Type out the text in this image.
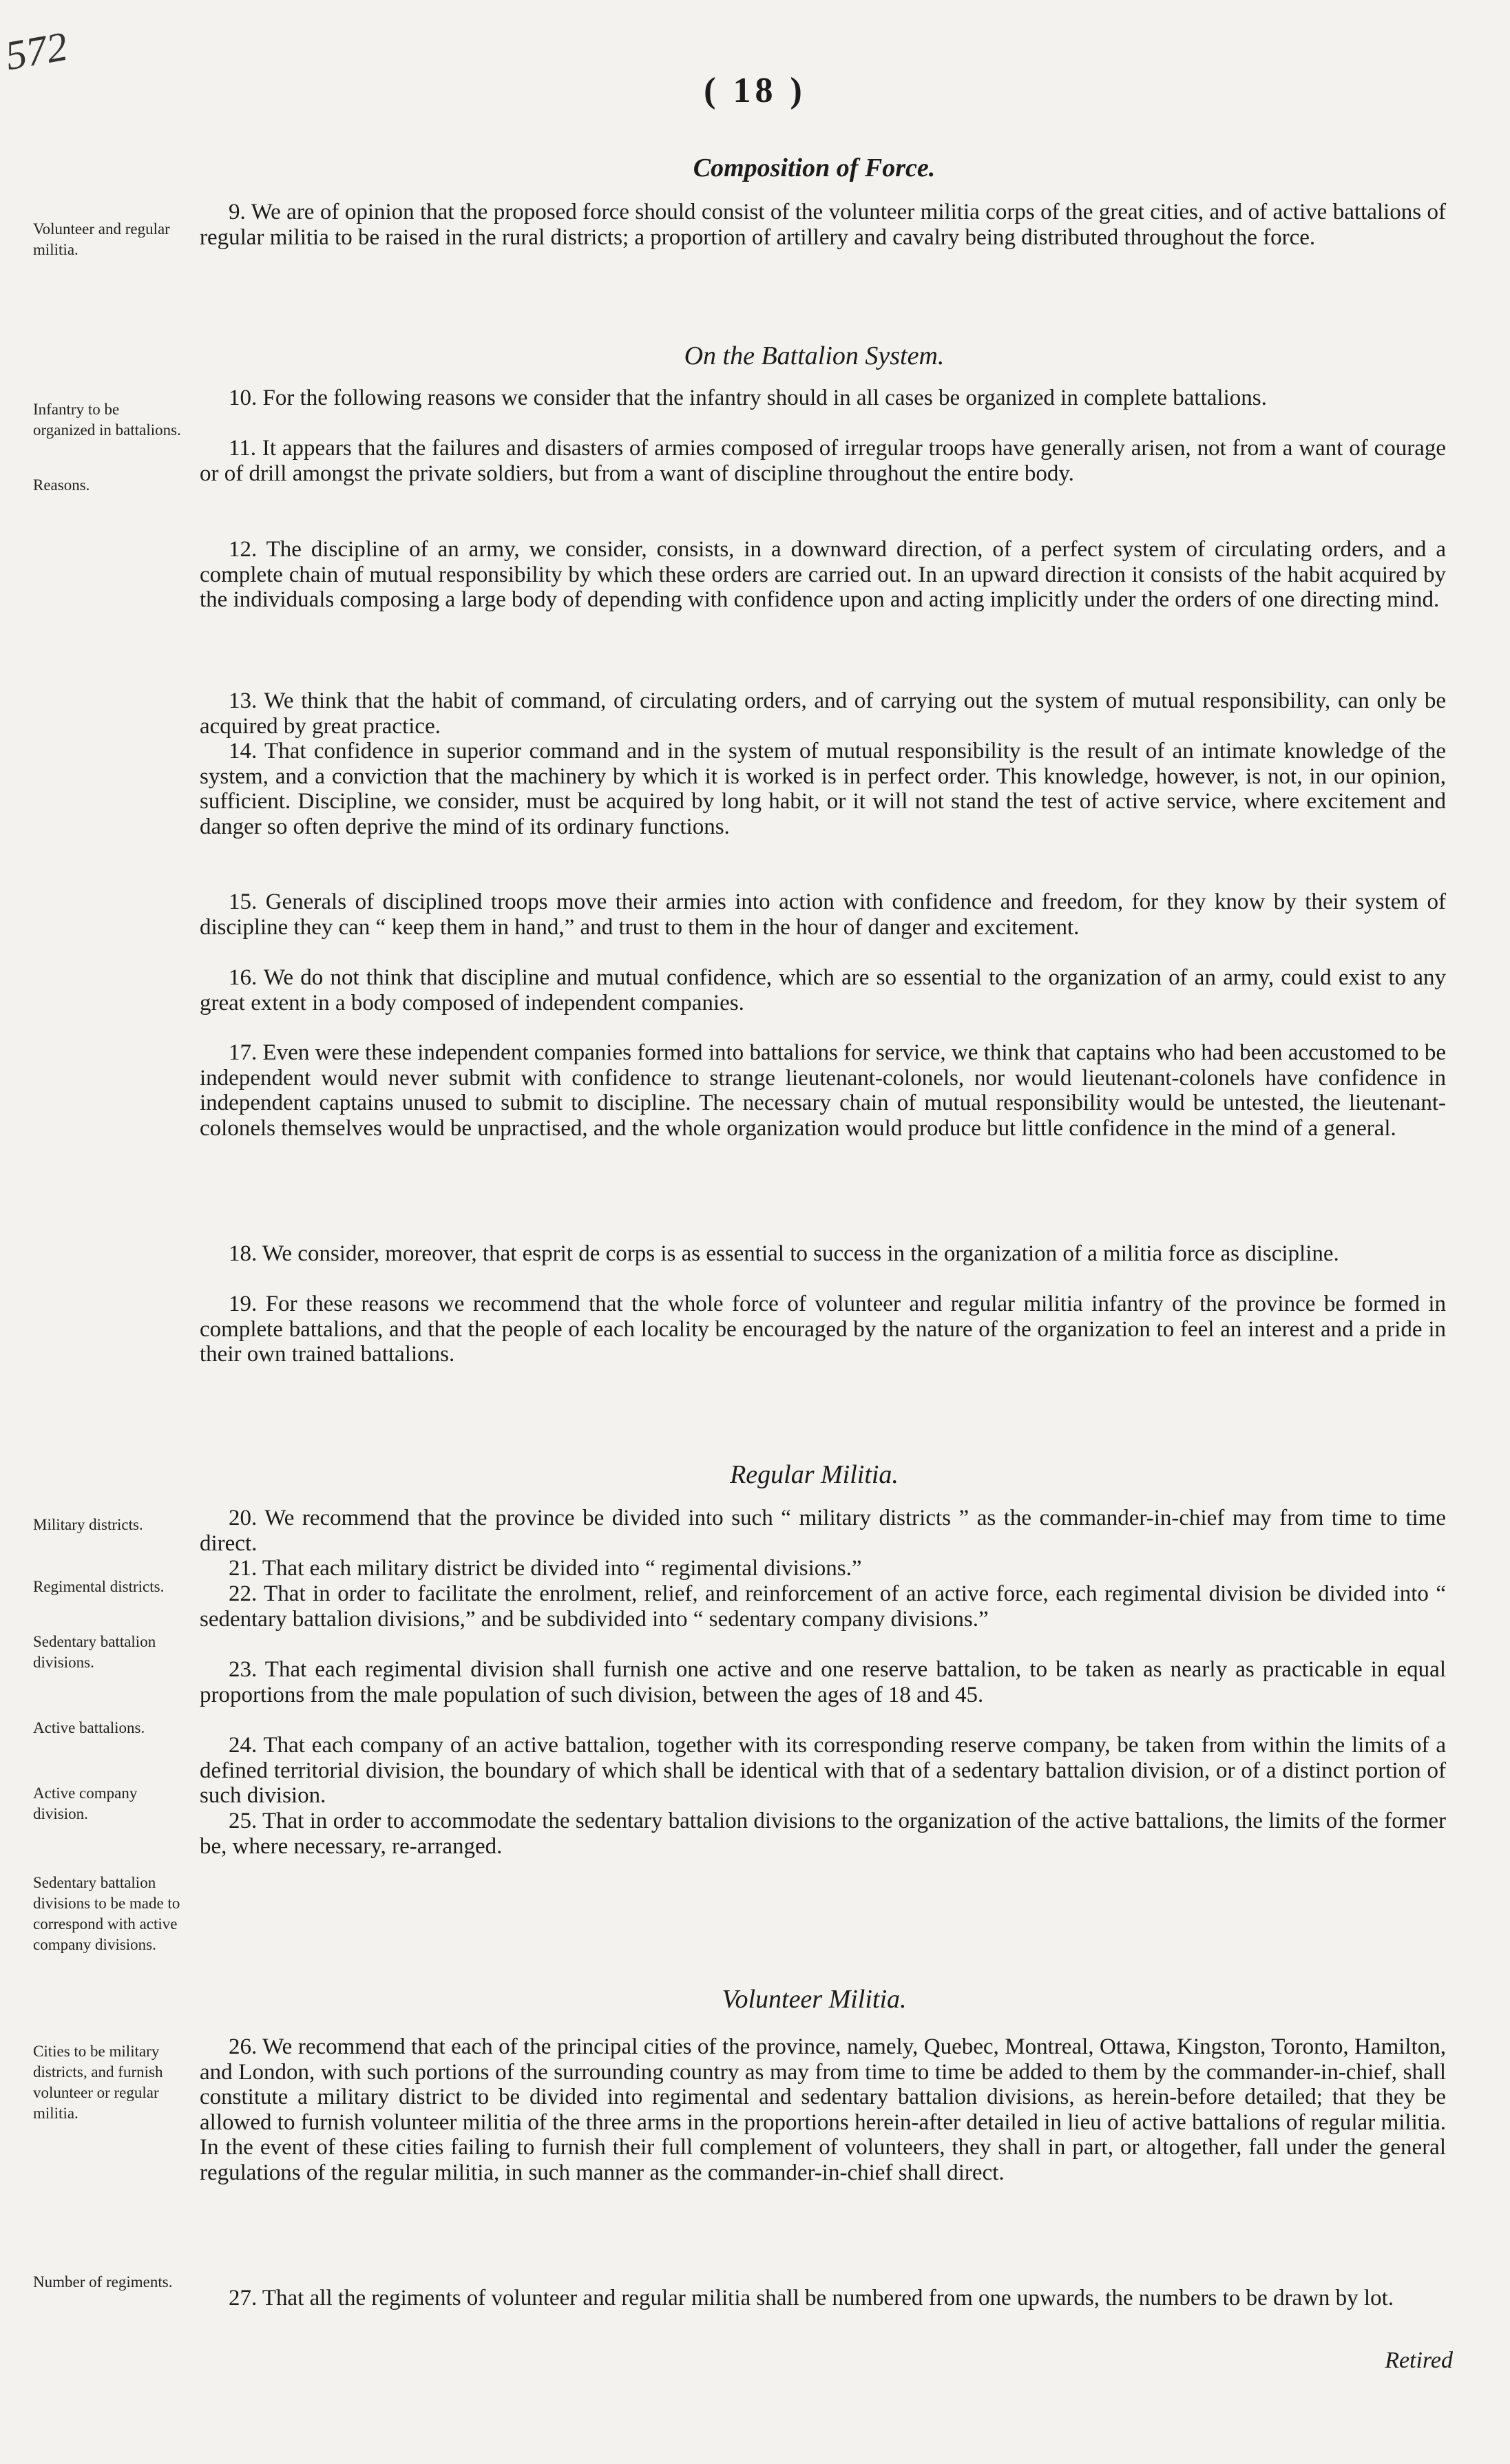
572
( 18 )
Composition of Force.
On the Battalion System.
Regular Militia.
Volunteer Militia.
Volunteer and regular militia.
Infantry to be organized in battalions.
Reasons.
Military districts.
Regimental districts.
Sedentary battalion divisions.
Active battalions.
Active company division.
Sedentary battalion divisions to be made to correspond with active company divisions.
Cities to be military districts, and furnish volunteer or regular militia.
Number of regiments.
9. We are of opinion that the proposed force should consist of the volunteer militia corps of the great cities, and of active battalions of regular militia to be raised in the rural districts; a proportion of artillery and cavalry being distributed throughout the force.
10. For the following reasons we consider that the infantry should in all cases be organized in complete battalions.
11. It appears that the failures and disasters of armies composed of irregular troops have generally arisen, not from a want of courage or of drill amongst the private soldiers, but from a want of discipline throughout the entire body.
12. The discipline of an army, we consider, consists, in a downward direction, of a perfect system of circulating orders, and a complete chain of mutual responsibility by which these orders are carried out. In an upward direction it consists of the habit acquired by the individuals composing a large body of depending with confidence upon and acting implicitly under the orders of one directing mind.
13. We think that the habit of command, of circulating orders, and of carrying out the system of mutual responsibility, can only be acquired by great practice.
14. That confidence in superior command and in the system of mutual responsibility is the result of an intimate knowledge of the system, and a conviction that the machinery by which it is worked is in perfect order. This knowledge, however, is not, in our opinion, sufficient. Discipline, we consider, must be acquired by long habit, or it will not stand the test of active service, where excitement and danger so often deprive the mind of its ordinary functions.
15. Generals of disciplined troops move their armies into action with confidence and freedom, for they know by their system of discipline they can “ keep them in hand,” and trust to them in the hour of danger and excitement.
16. We do not think that discipline and mutual confidence, which are so essential to the organization of an army, could exist to any great extent in a body composed of independent companies.
17. Even were these independent companies formed into battalions for service, we think that captains who had been accustomed to be independent would never submit with confidence to strange lieutenant-colonels, nor would lieutenant-colonels have confidence in independent captains unused to submit to discipline. The necessary chain of mutual responsibility would be untested, the lieutenant-colonels themselves would be unpractised, and the whole organization would produce but little confidence in the mind of a general.
18. We consider, moreover, that esprit de corps is as essential to success in the organization of a militia force as discipline.
19. For these reasons we recommend that the whole force of volunteer and regular militia infantry of the province be formed in complete battalions, and that the people of each locality be encouraged by the nature of the organization to feel an interest and a pride in their own trained battalions.
20. We recommend that the province be divided into such “ military districts ” as the commander-in-chief may from time to time direct.
21. That each military district be divided into “ regimental divisions.”
22. That in order to facilitate the enrolment, relief, and reinforcement of an active force, each regimental division be divided into “ sedentary battalion divisions,” and be subdivided into “ sedentary company divisions.”
23. That each regimental division shall furnish one active and one reserve battalion, to be taken as nearly as practicable in equal proportions from the male population of such division, between the ages of 18 and 45.
24. That each company of an active battalion, together with its corresponding reserve company, be taken from within the limits of a defined territorial division, the boundary of which shall be identical with that of a sedentary battalion division, or of a distinct portion of such division.
25. That in order to accommodate the sedentary battalion divisions to the organization of the active battalions, the limits of the former be, where necessary, re-arranged.
26. We recommend that each of the principal cities of the province, namely, Quebec, Montreal, Ottawa, Kingston, Toronto, Hamilton, and London, with such portions of the surrounding country as may from time to time be added to them by the commander-in-chief, shall constitute a military district to be divided into regimental and sedentary battalion divisions, as herein-before detailed; that they be allowed to furnish volunteer militia of the three arms in the proportions herein-after detailed in lieu of active battalions of regular militia. In the event of these cities failing to furnish their full complement of volunteers, they shall in part, or altogether, fall under the general regulations of the regular militia, in such manner as the commander-in-chief shall direct.
27. That all the regiments of volunteer and regular militia shall be numbered from one upwards, the numbers to be drawn by lot.
Retired
